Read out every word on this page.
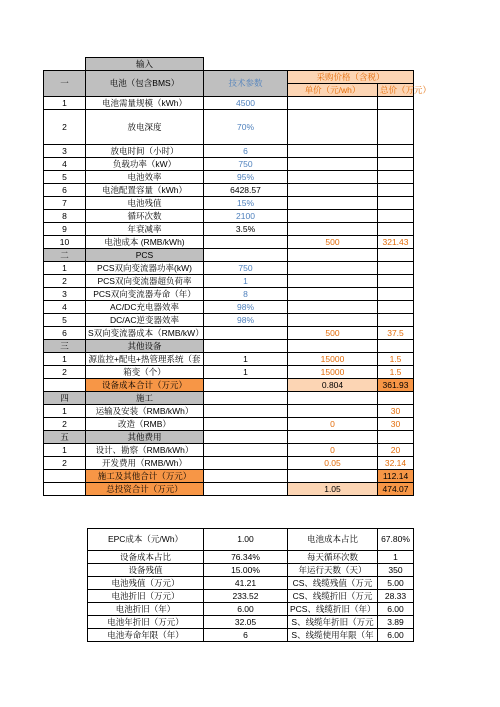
	输入			
一	电池（包含BMS）	技术参数	采购价格（含税）	
			单价（元/wh）	总价（万元）
1	电池需量规模（kWh）	4500		
2	放电深度	70%		
3	放电时间（小时）	6		
4	负载功率（kW）	750		
5	电池效率	95%		
6	电池配置容量（kWh）	6428.57		
7	电池残值	15%		
8	循环次数	2100		
9	年衰减率	3.5%		
10	电池成本 (RMB/kWh)		500	321.43
二	PCS			
1	PCS双向变流器功率(kW)	750		
2	PCS双向变流器超负荷率	1		
3	PCS双向变流器寿命（年）	8		
4	AC/DC充电器效率	98%		
5	DC/AC逆变器效率	98%		
6	S双向变流器成本（RMB/kW）		500	37.5
三	其他设备			
1	源监控+配电+热管理系统（套	1	15000	1.5
2	箱变（个）	1	15000	1.5
	设备成本合计（万元）		0.804	361.93
四	施工			
1	运输及安装（RMB/kWh）			30
2	改造（RMB）		0	30
五	其他费用			
1	设计、勘察（RMB/kWh）		0	20
2	开发费用（RMB/Wh）		0.05	32.14
	施工及其他合计（万元）			112.14
	总投资合计（万元）		1.05	474.07
EPC成本（元/Wh）	1.00	电池成本占比	67.80%
设备成本占比	76.34%	每天循环次数	1
设备残值	15.00%	年运行天数（天）	350
电池残值（万元）	41.21	CS、线缆残值（万元	5.00
电池折旧（万元）	233.52	CS、线缆折旧（万元	28.33
电池折旧（年）	6.00	PCS、线缆折旧（年）	6.00
电池年折旧（万元）	32.05	S、线缆年折旧（万元	3.89
电池寿命年限（年）	6	S、线缆使用年限（年	6.00
